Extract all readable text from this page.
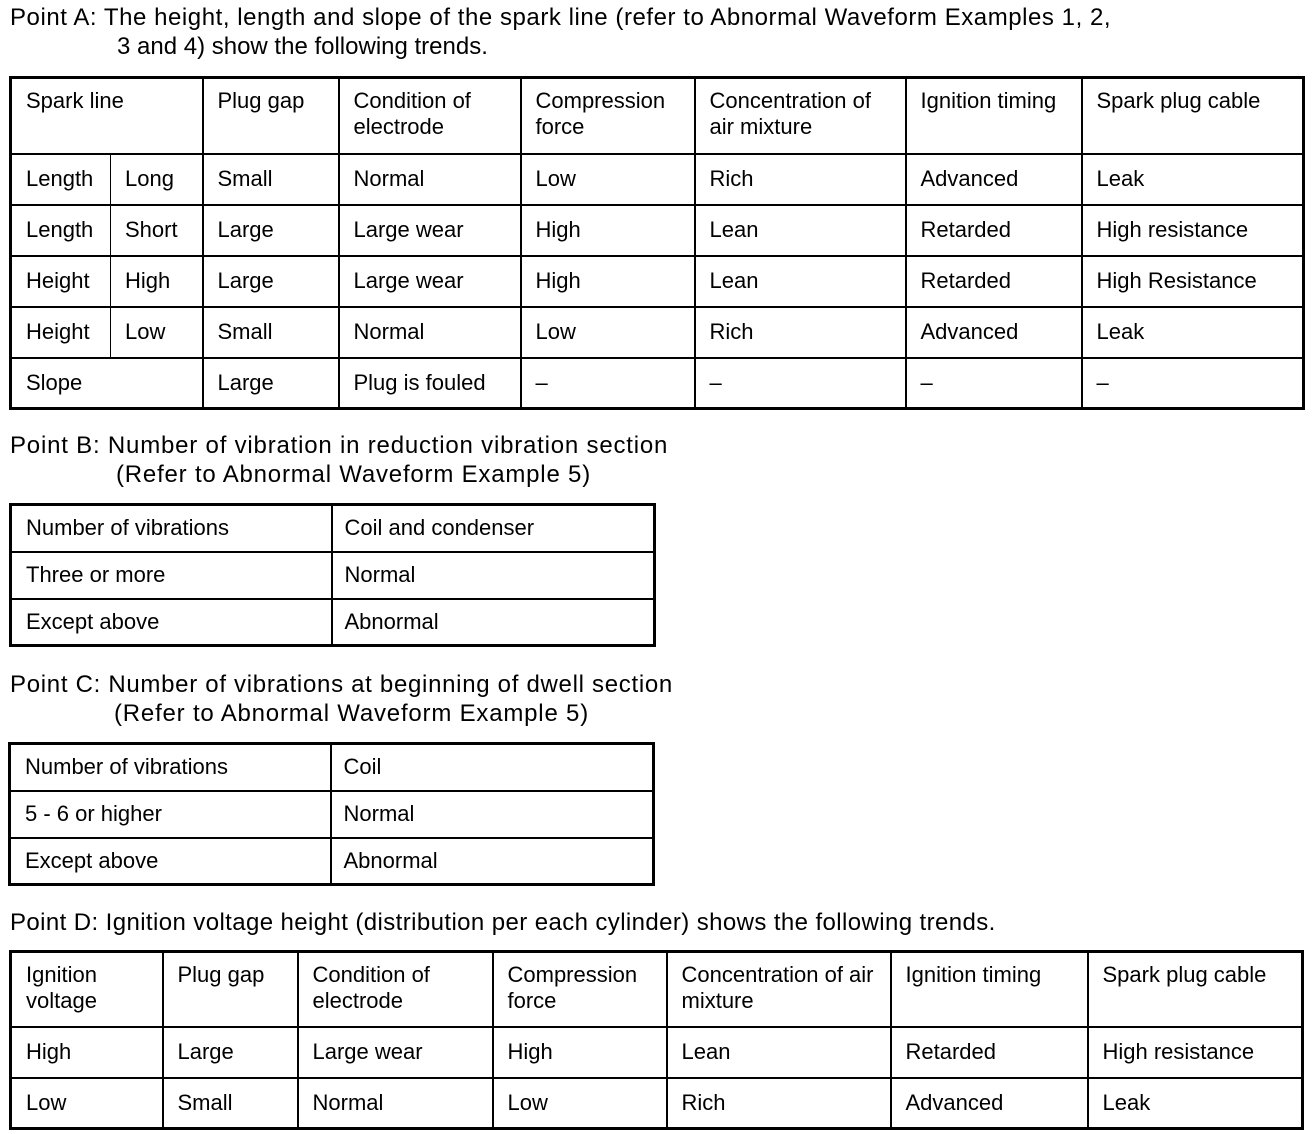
Point A: The height, length and slope of the spark line (refer to Abnormal Waveform Examples 1, 2,
3 and 4) show the following trends.

Spark line		Plug gap	Condition of electrode	Compression force	Concentration of air mixture	Ignition timing	Spark plug cable
Length	Long	Small	Normal	Low	Rich	Advanced	Leak
Length	Short	Large	Large wear	High	Lean	Retarded	High resistance
Height	High	Large	Large wear	High	Lean	Retarded	High Resistance
Height	Low	Small	Normal	Low	Rich	Advanced	Leak
Slope		Large	Plug is fouled	–	–	–	–

Point B: Number of vibration in reduction vibration section
(Refer to Abnormal Waveform Example 5)

Number of vibrations	Coil and condenser
Three or more	Normal
Except above	Abnormal

Point C: Number of vibrations at beginning of dwell section
(Refer to Abnormal Waveform Example 5)

Number of vibrations	Coil
5 - 6 or higher	Normal
Except above	Abnormal

Point D: Ignition voltage height (distribution per each cylinder) shows the following trends.

Ignition voltage	Plug gap	Condition of electrode	Compression force	Concentration of air mixture	Ignition timing	Spark plug cable
High	Large	Large wear	High	Lean	Retarded	High resistance
Low	Small	Normal	Low	Rich	Advanced	Leak
